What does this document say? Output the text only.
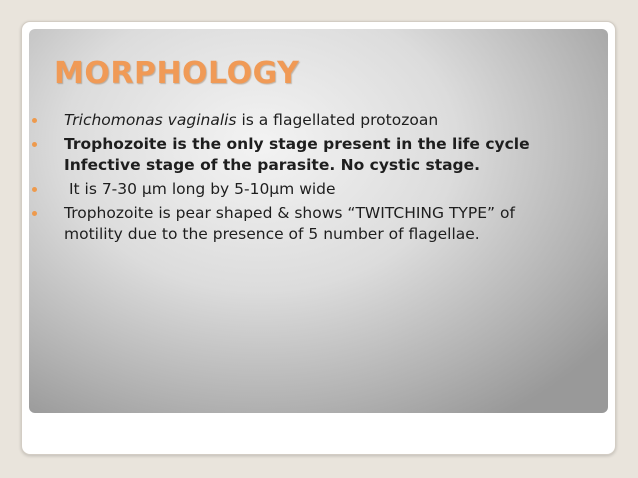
MORPHOLOGY
Trichomonas vaginalis is a flagellated protozoan
Trophozoite is the only stage present in the life cycle Infective stage of the parasite. No cystic stage.
It is 7-30 µm long by 5-10µm wide
Trophozoite is pear shaped & shows “TWITCHING TYPE” of motility due to the presence of 5 number of flagellae.
